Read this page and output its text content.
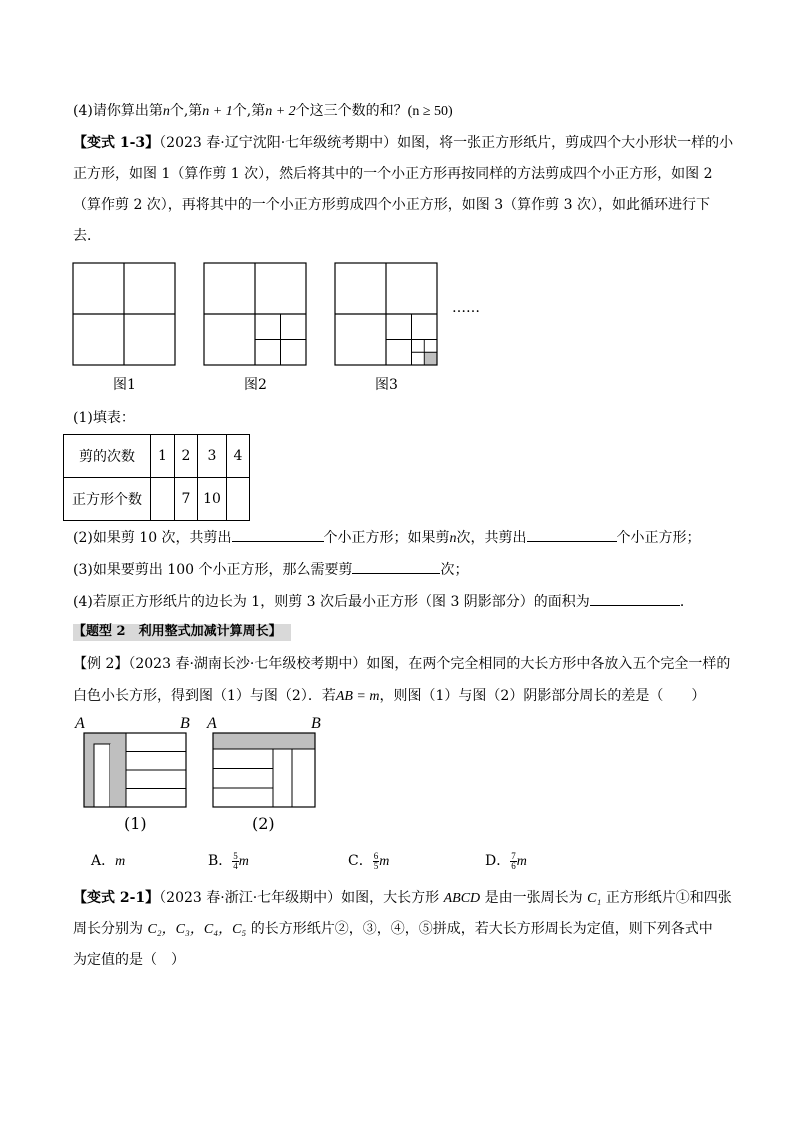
(4)请你算出第n个,第n + 1个,第n + 2个这三个数的和？(n ≥ 50)
【变式 1-3】（2023 春·辽宁沈阳·七年级统考期中）如图，将一张正方形纸片，剪成四个大小形状一样的小
正方形，如图 1（算作剪 1 次），然后将其中的一个小正方形再按同样的方法剪成四个小正方形，如图 2
（算作剪 2 次），再将其中的一个小正方形剪成四个小正方形，如图 3（算作剪 3 次），如此循环进行下
去．
……
图1	图2	图3
(1)填表：
剪的次数	1	2	3	4
正方形个数		7	10	
(2)如果剪 10 次，共剪出	个小正方形；如果剪n次，共剪出	个小正方形；
(3)如果要剪出 100 个小正方形，那么需要剪	次；
(4)若原正方形纸片的边长为 1，则剪 3 次后最小正方形（图 3 阴影部分）的面积为	．
【题型 2　利用整式加减计算周长】
【例 2】（2023 春·湖南长沙·七年级校考期中）如图，在两个完全相同的大长方形中各放入五个完全一样的
白色小长方形，得到图（1）与图（2）．若AB = m，则图（1）与图（2）阴影部分周长的差是（　　）
A	B A	B
(1)	(2)
A．m	B． $\frac{5}{4}$ m	C． $\frac{6}{5}$ m	D． $\frac{7}{6}$ m
【变式 2-1】（2023 春·浙江·七年级期中）如图，大长方形 ABCD 是由一张周长为 C₁ 正方形纸片①和四张
周长分别为 C₂，C₃，C₄，C₅ 的长方形纸片②，③，④，⑤拼成，若大长方形周长为定值，则下列各式中
为定值的是（　）
